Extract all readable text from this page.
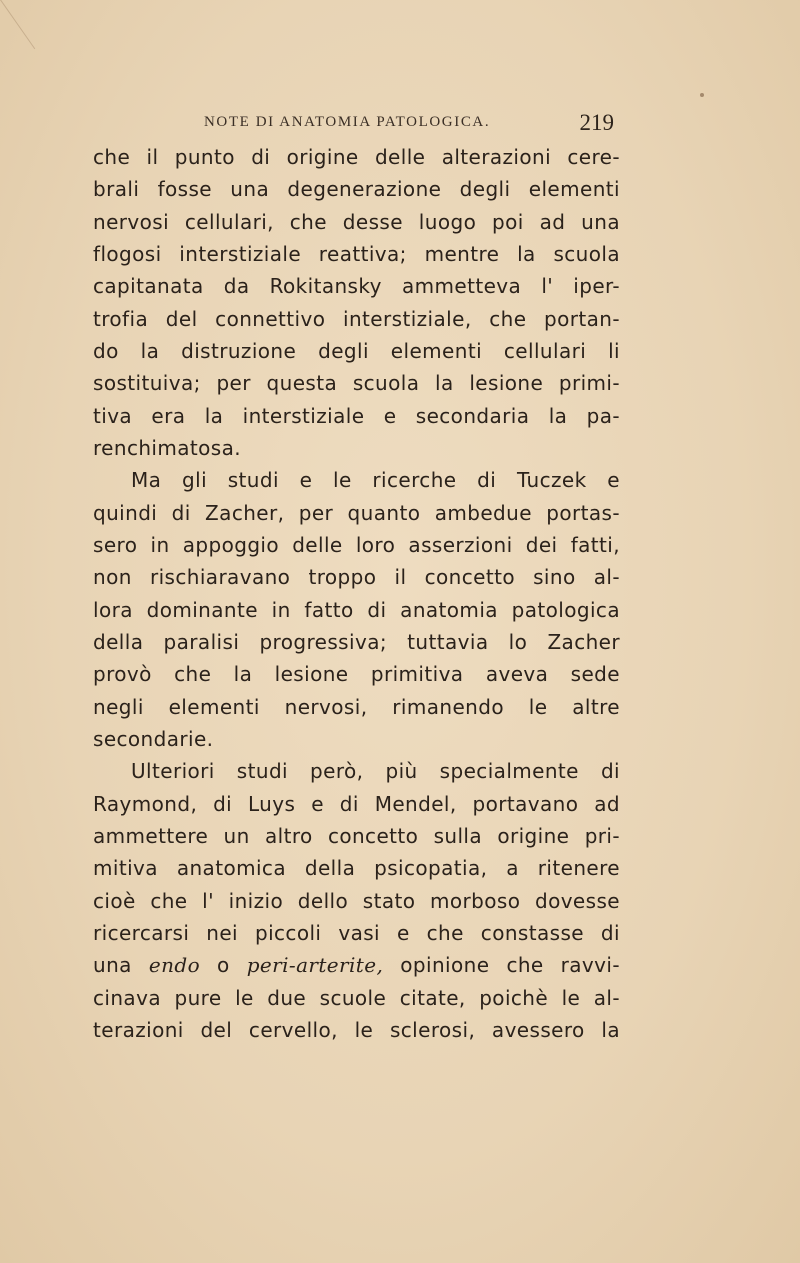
NOTE DI ANATOMIA PATOLOGICA.	219
che il punto di origine delle alterazioni cere-
brali fosse una degenerazione degli elementi
nervosi cellulari, che desse luogo poi ad una
flogosi interstiziale reattiva; mentre la scuola
capitanata da Rokitansky ammetteva l' iper-
trofia del connettivo interstiziale, che portan-
do la distruzione degli elementi cellulari li
sostituiva; per questa scuola la lesione primi-
tiva era la interstiziale e secondaria la pa-
renchimatosa.
Ma gli studi e le ricerche di Tuczek e
quindi di Zacher, per quanto ambedue portas-
sero in appoggio delle loro asserzioni dei fatti,
non rischiaravano troppo il concetto sino al-
lora dominante in fatto di anatomia patologica
della paralisi progressiva; tuttavia lo Zacher
provò che la lesione primitiva aveva sede
negli elementi nervosi, rimanendo le altre
secondarie.
Ulteriori studi però, più specialmente di
Raymond, di Luys e di Mendel, portavano ad
ammettere un altro concetto sulla origine pri-
mitiva anatomica della psicopatia, a ritenere
cioè che l' inizio dello stato morboso dovesse
ricercarsi nei piccoli vasi e che constasse di
una endo o peri-arterite, opinione che ravvi-
cinava pure le due scuole citate, poichè le al-
terazioni del cervello, le sclerosi, avessero la
